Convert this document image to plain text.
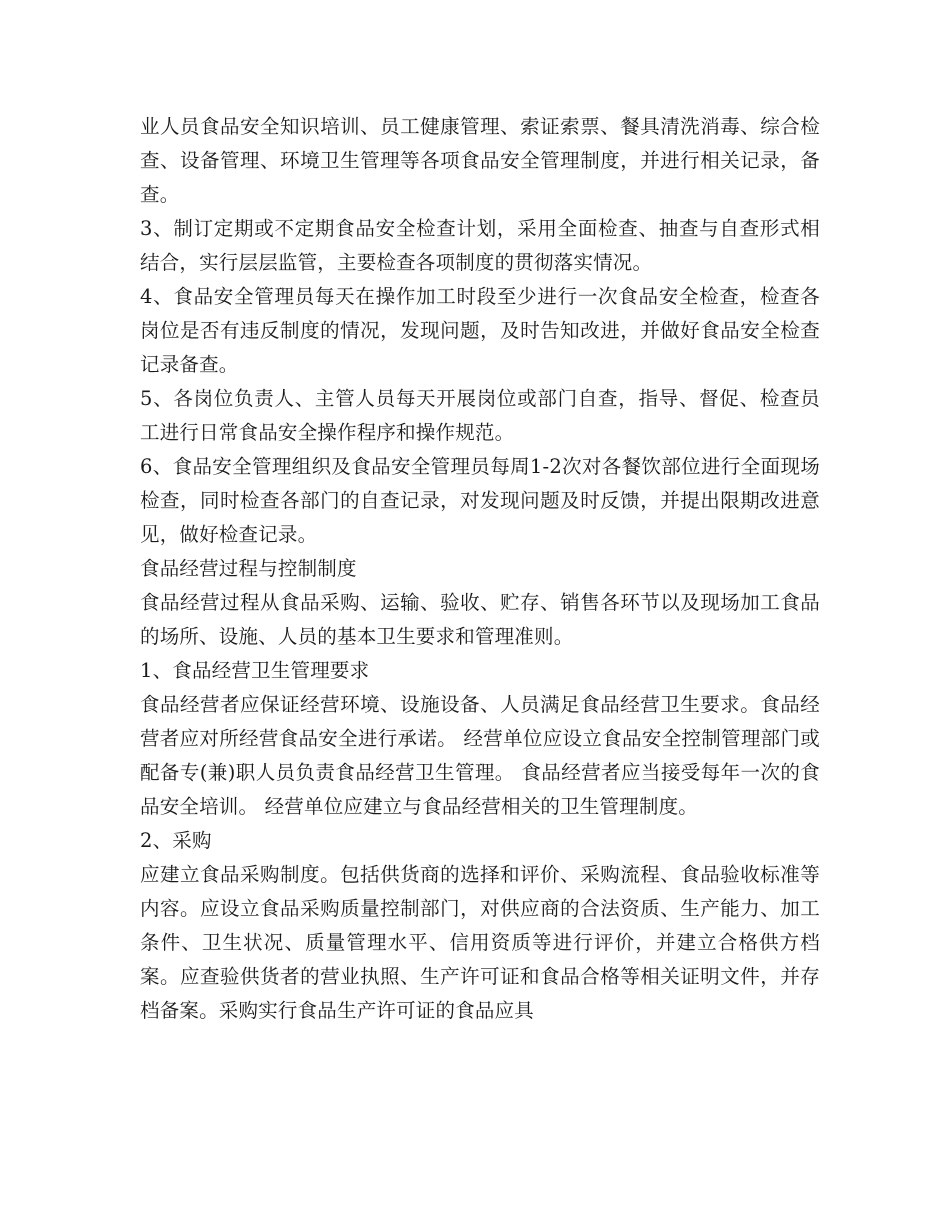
业人员食品安全知识培训、员工健康管理、索证索票、餐具清洗消毒、综合检查、设备管理、环境卫生管理等各项食品安全管理制度，并进行相关记录，备查。

3、制订定期或不定期食品安全检查计划，采用全面检查、抽查与自查形式相结合，实行层层监管，主要检查各项制度的贯彻落实情况。

4、食品安全管理员每天在操作加工时段至少进行一次食品安全检查，检查各岗位是否有违反制度的情况，发现问题，及时告知改进，并做好食品安全检查记录备查。

5、各岗位负责人、主管人员每天开展岗位或部门自查，指导、督促、检查员工进行日常食品安全操作程序和操作规范。

6、食品安全管理组织及食品安全管理员每周1-2次对各餐饮部位进行全面现场检查，同时检查各部门的自查记录，对发现问题及时反馈，并提出限期改进意见，做好检查记录。

食品经营过程与控制制度

食品经营过程从食品采购、运输、验收、贮存、销售各环节以及现场加工食品的场所、设施、人员的基本卫生要求和管理准则。

1、食品经营卫生管理要求

食品经营者应保证经营环境、设施设备、人员满足食品经营卫生要求。食品经营者应对所经营食品安全进行承诺。 经营单位应设立食品安全控制管理部门或配备专(兼)职人员负责食品经营卫生管理。 食品经营者应当接受每年一次的食品安全培训。 经营单位应建立与食品经营相关的卫生管理制度。

2、采购

应建立食品采购制度。包括供货商的选择和评价、采购流程、食品验收标准等内容。应设立食品采购质量控制部门，对供应商的合法资质、生产能力、加工条件、卫生状况、质量管理水平、信用资质等进行评价，并建立合格供方档案。应查验供货者的营业执照、生产许可证和食品合格等相关证明文件，并存档备案。采购实行食品生产许可证的食品应具
